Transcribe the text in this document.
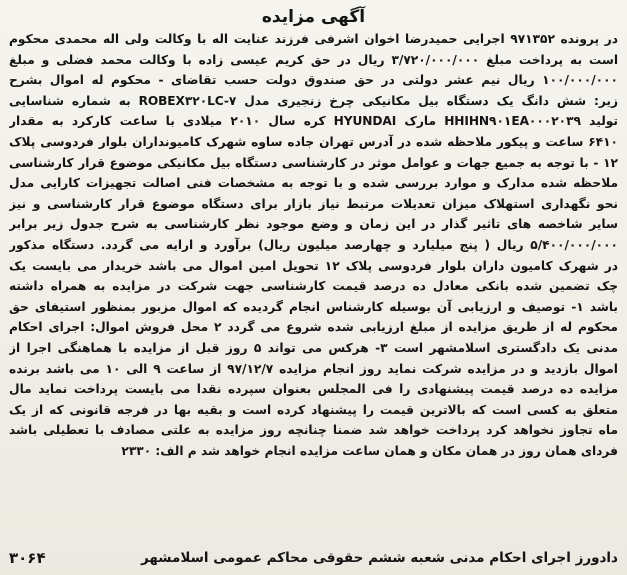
آگهی مزایده
در پرونده ۹۷۱۳۵۲ اجرایی حمیدرضا اخوان اشرفی فرزند عنایت اله با وکالت ولی اله محمدی محکوم
است به پرداخت مبلغ ۳/۷۲۰/۰۰۰/۰۰۰ ریال در حق کریم عیسی زاده با وکالت محمد فضلی و مبلغ
۱۰۰/۰۰۰/۰۰۰ ریال نیم عشر دولتی در حق صندوق دولت حسب تقاضای - محکوم له اموال بشرح
زیر: شش دانگ یک دستگاه بیل مکانیکی چرخ زنجیری مدل ROBEX۳۲۰LC-۷ به شماره شناسایی
تولید HHIHN۹۰۱EA۰۰۰۲۰۳۹ مارک HYUNDAI کره سال ۲۰۱۰ میلادی با ساعت کارکرد به مقدار
۶۴۱۰ ساعت و پیکور ملاحظه شده در آدرس تهران جاده ساوه شهرک کامیونداران بلوار فردوسی پلاک
۱۲ - با توجه به جمیع جهات و عوامل موثر در کارشناسی دستگاه بیل مکانیکی موضوع قرار کارشناسی
ملاحظه شده مدارک و موارد بررسی شده و با توجه به مشخصات فنی اصالت تجهیزات کارایی مدل
نحو نگهداری استهلاک میزان تعدیلات مرتبط نیاز بازار برای دستگاه موضوع قرار کارشناسی و نیز
سایر شاخصه های تاثیر گذار در این زمان و وضع موجود نظر کارشناسی به شرح جدول زیر برابر
۵/۴۰۰/۰۰۰/۰۰۰ ریال ( پنج میلیارد و چهارصد میلیون ریال) برآورد و ارایه می گردد. دستگاه مذکور
در شهرک کامیون داران بلوار فردوسی پلاک ۱۲ تحویل امین اموال می باشد خریدار می بایست یک
چک تضمین شده بانکی معادل ده درصد قیمت کارشناسی جهت شرکت در مزایده به همراه داشته
باشد ۱- توصیف و ارزیابی آن بوسیله کارشناس انجام گردیده که اموال مزبور بمنظور استیفای حق
محکوم له از طریق مزایده از مبلغ ارزیابی شده شروع می گردد ۲ محل فروش اموال: اجرای احکام
مدنی یک دادگستری اسلامشهر است ۳- هرکس می تواند ۵ روز قبل از مزایده با هماهنگی اجرا از
اموال بازدید و در مزایده شرکت نماید روز انجام مزایده ۹۷/۱۲/۷ از ساعت ۹ الی ۱۰ می باشد برنده
مزایده ده درصد قیمت پیشنهادی را فی المجلس بعنوان سپرده نقدا می بایست پرداخت نماید مال
متعلق به کسی است که بالاترین قیمت را پیشنهاد کرده است و بقیه بها در فرجه قانونی که از یک
ماه تجاوز نخواهد کرد پرداخت خواهد شد ضمنا چنانچه روز مزایده به علتی مصادف با تعطیلی باشد
فردای همان روز در همان مکان و همان ساعت مزایده انجام خواهد شد م الف: ۲۳۳۰
دادورز اجرای احکام مدنی شعبه ششم حقوقی محاکم عمومی اسلامشهر
۳۰۶۴
